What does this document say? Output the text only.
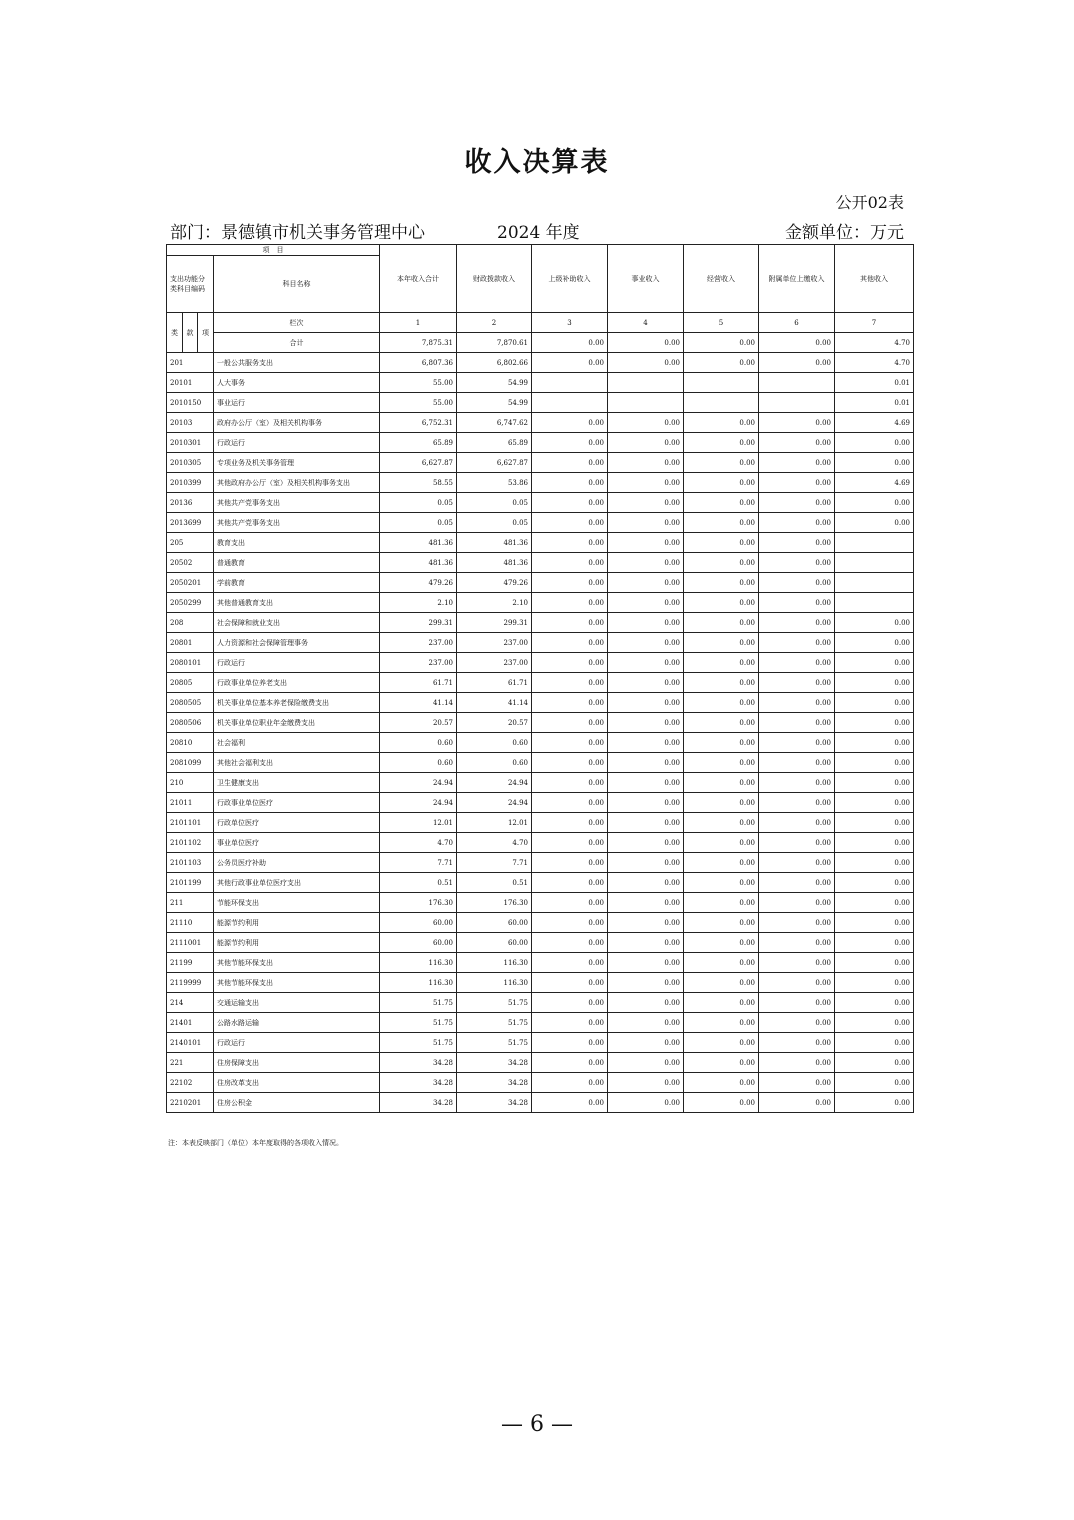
收入决算表
公开02表
部门：景德镇市机关事务管理中心	2024 年度	金额单位：万元
项　目				本年收入合计	财政拨款收入	上级补助收入	事业收入	经营收入	附属单位上缴收入	其他收入
支出功能分类科目编码			科目名称							

类	款	项	栏次	1	2	3	4	5	6	7
			合计	7,875.31	7,870.61	0.00	0.00	0.00	0.00	4.70
201			一般公共服务支出	6,807.36	6,802.66	0.00	0.00	0.00	0.00	4.70
20101			人大事务	55.00	54.99					0.01
2010150			事业运行	55.00	54.99					0.01
20103			政府办公厅（室）及相关机构事务	6,752.31	6,747.62	0.00	0.00	0.00	0.00	4.69
2010301			行政运行	65.89	65.89	0.00	0.00	0.00	0.00	0.00
2010305			专项业务及机关事务管理	6,627.87	6,627.87	0.00	0.00	0.00	0.00	0.00
2010399			其他政府办公厅（室）及相关机构事务支出	58.55	53.86	0.00	0.00	0.00	0.00	4.69
20136			其他共产党事务支出	0.05	0.05	0.00	0.00	0.00	0.00	0.00
2013699			其他共产党事务支出	0.05	0.05	0.00	0.00	0.00	0.00	0.00
205			教育支出	481.36	481.36	0.00	0.00	0.00	0.00	
20502			普通教育	481.36	481.36	0.00	0.00	0.00	0.00	
2050201			学前教育	479.26	479.26	0.00	0.00	0.00	0.00	
2050299			其他普通教育支出	2.10	2.10	0.00	0.00	0.00	0.00	
208			社会保障和就业支出	299.31	299.31	0.00	0.00	0.00	0.00	0.00
20801			人力资源和社会保障管理事务	237.00	237.00	0.00	0.00	0.00	0.00	0.00
2080101			行政运行	237.00	237.00	0.00	0.00	0.00	0.00	0.00
20805			行政事业单位养老支出	61.71	61.71	0.00	0.00	0.00	0.00	0.00
2080505			机关事业单位基本养老保险缴费支出	41.14	41.14	0.00	0.00	0.00	0.00	0.00
2080506			机关事业单位职业年金缴费支出	20.57	20.57	0.00	0.00	0.00	0.00	0.00
20810			社会福利	0.60	0.60	0.00	0.00	0.00	0.00	0.00
2081099			其他社会福利支出	0.60	0.60	0.00	0.00	0.00	0.00	0.00
210			卫生健康支出	24.94	24.94	0.00	0.00	0.00	0.00	0.00
21011			行政事业单位医疗	24.94	24.94	0.00	0.00	0.00	0.00	0.00
2101101			行政单位医疗	12.01	12.01	0.00	0.00	0.00	0.00	0.00
2101102			事业单位医疗	4.70	4.70	0.00	0.00	0.00	0.00	0.00
2101103			公务员医疗补助	7.71	7.71	0.00	0.00	0.00	0.00	0.00
2101199			其他行政事业单位医疗支出	0.51	0.51	0.00	0.00	0.00	0.00	0.00
211			节能环保支出	176.30	176.30	0.00	0.00	0.00	0.00	0.00
21110			能源节约利用	60.00	60.00	0.00	0.00	0.00	0.00	0.00
2111001			能源节约利用	60.00	60.00	0.00	0.00	0.00	0.00	0.00
21199			其他节能环保支出	116.30	116.30	0.00	0.00	0.00	0.00	0.00
2119999			其他节能环保支出	116.30	116.30	0.00	0.00	0.00	0.00	0.00
214			交通运输支出	51.75	51.75	0.00	0.00	0.00	0.00	0.00
21401			公路水路运输	51.75	51.75	0.00	0.00	0.00	0.00	0.00
2140101			行政运行	51.75	51.75	0.00	0.00	0.00	0.00	0.00
221			住房保障支出	34.28	34.28	0.00	0.00	0.00	0.00	0.00
22102			住房改革支出	34.28	34.28	0.00	0.00	0.00	0.00	0.00
2210201			住房公积金	34.28	34.28	0.00	0.00	0.00	0.00	0.00
注：本表反映部门（单位）本年度取得的各项收入情况。
— 6 —
